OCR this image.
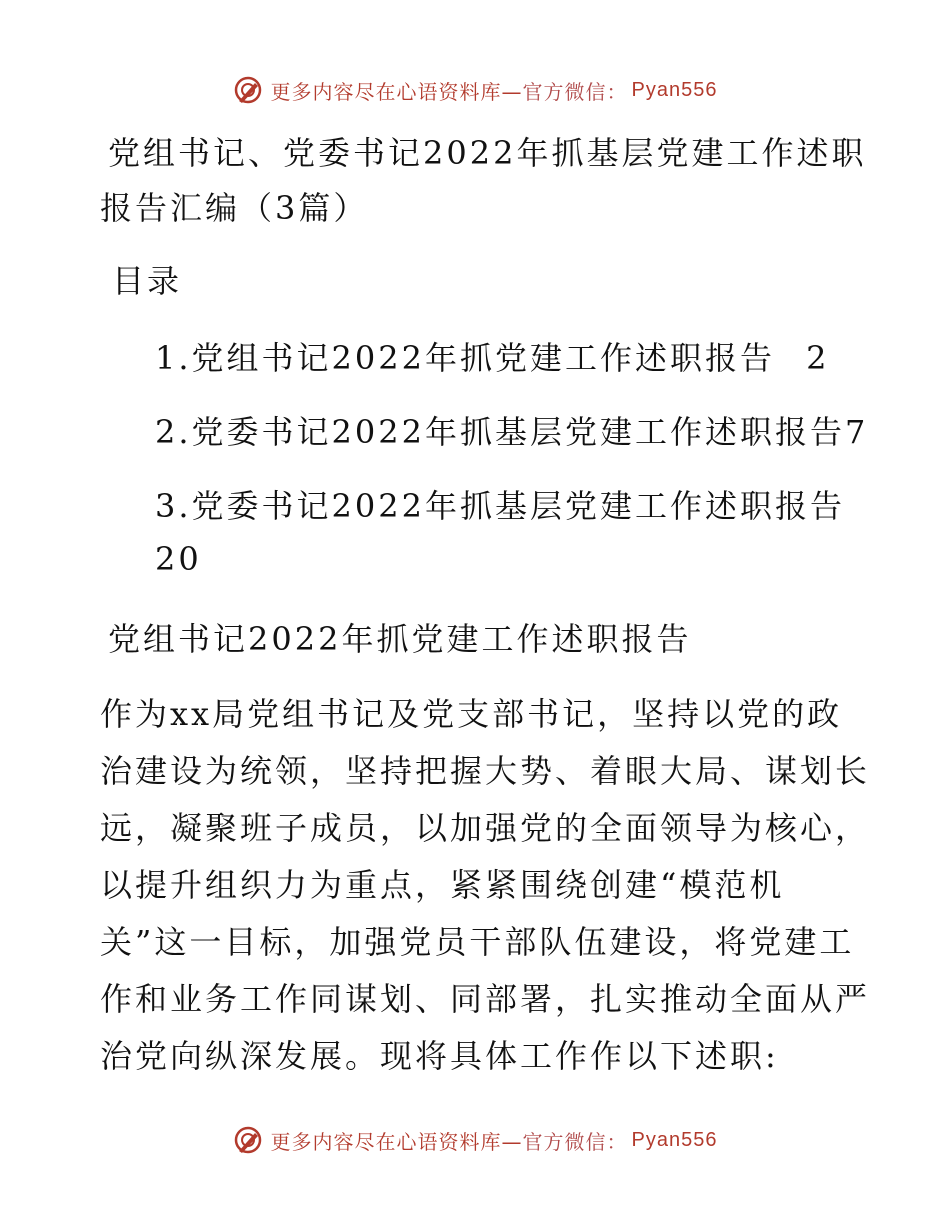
更多内容尽在心语资料库— 官方微信： Pyan556
党组书记、党委书记2022年抓基层党建工作述职
报告汇编（3篇）
目录
1.党组书记2022年抓党建工作述职报告 2
2.党委书记2022年抓基层党建工作述职报告7
3.党委书记2022年抓基层党建工作述职报告
20
党组书记2022年抓党建工作述职报告
作为xx局党组书记及党支部书记，坚持以党的政
治建设为统领，坚持把握大势、着眼大局、谋划长
远，凝聚班子成员，以加强党的全面领导为核心，
以提升组织力为重点，紧紧围绕创建“模范机
关”这一目标，加强党员干部队伍建设，将党建工
作和业务工作同谋划、同部署，扎实推动全面从严
治党向纵深发展。现将具体工作作以下述职:
更多内容尽在心语资料库— 官方微信： Pyan556
